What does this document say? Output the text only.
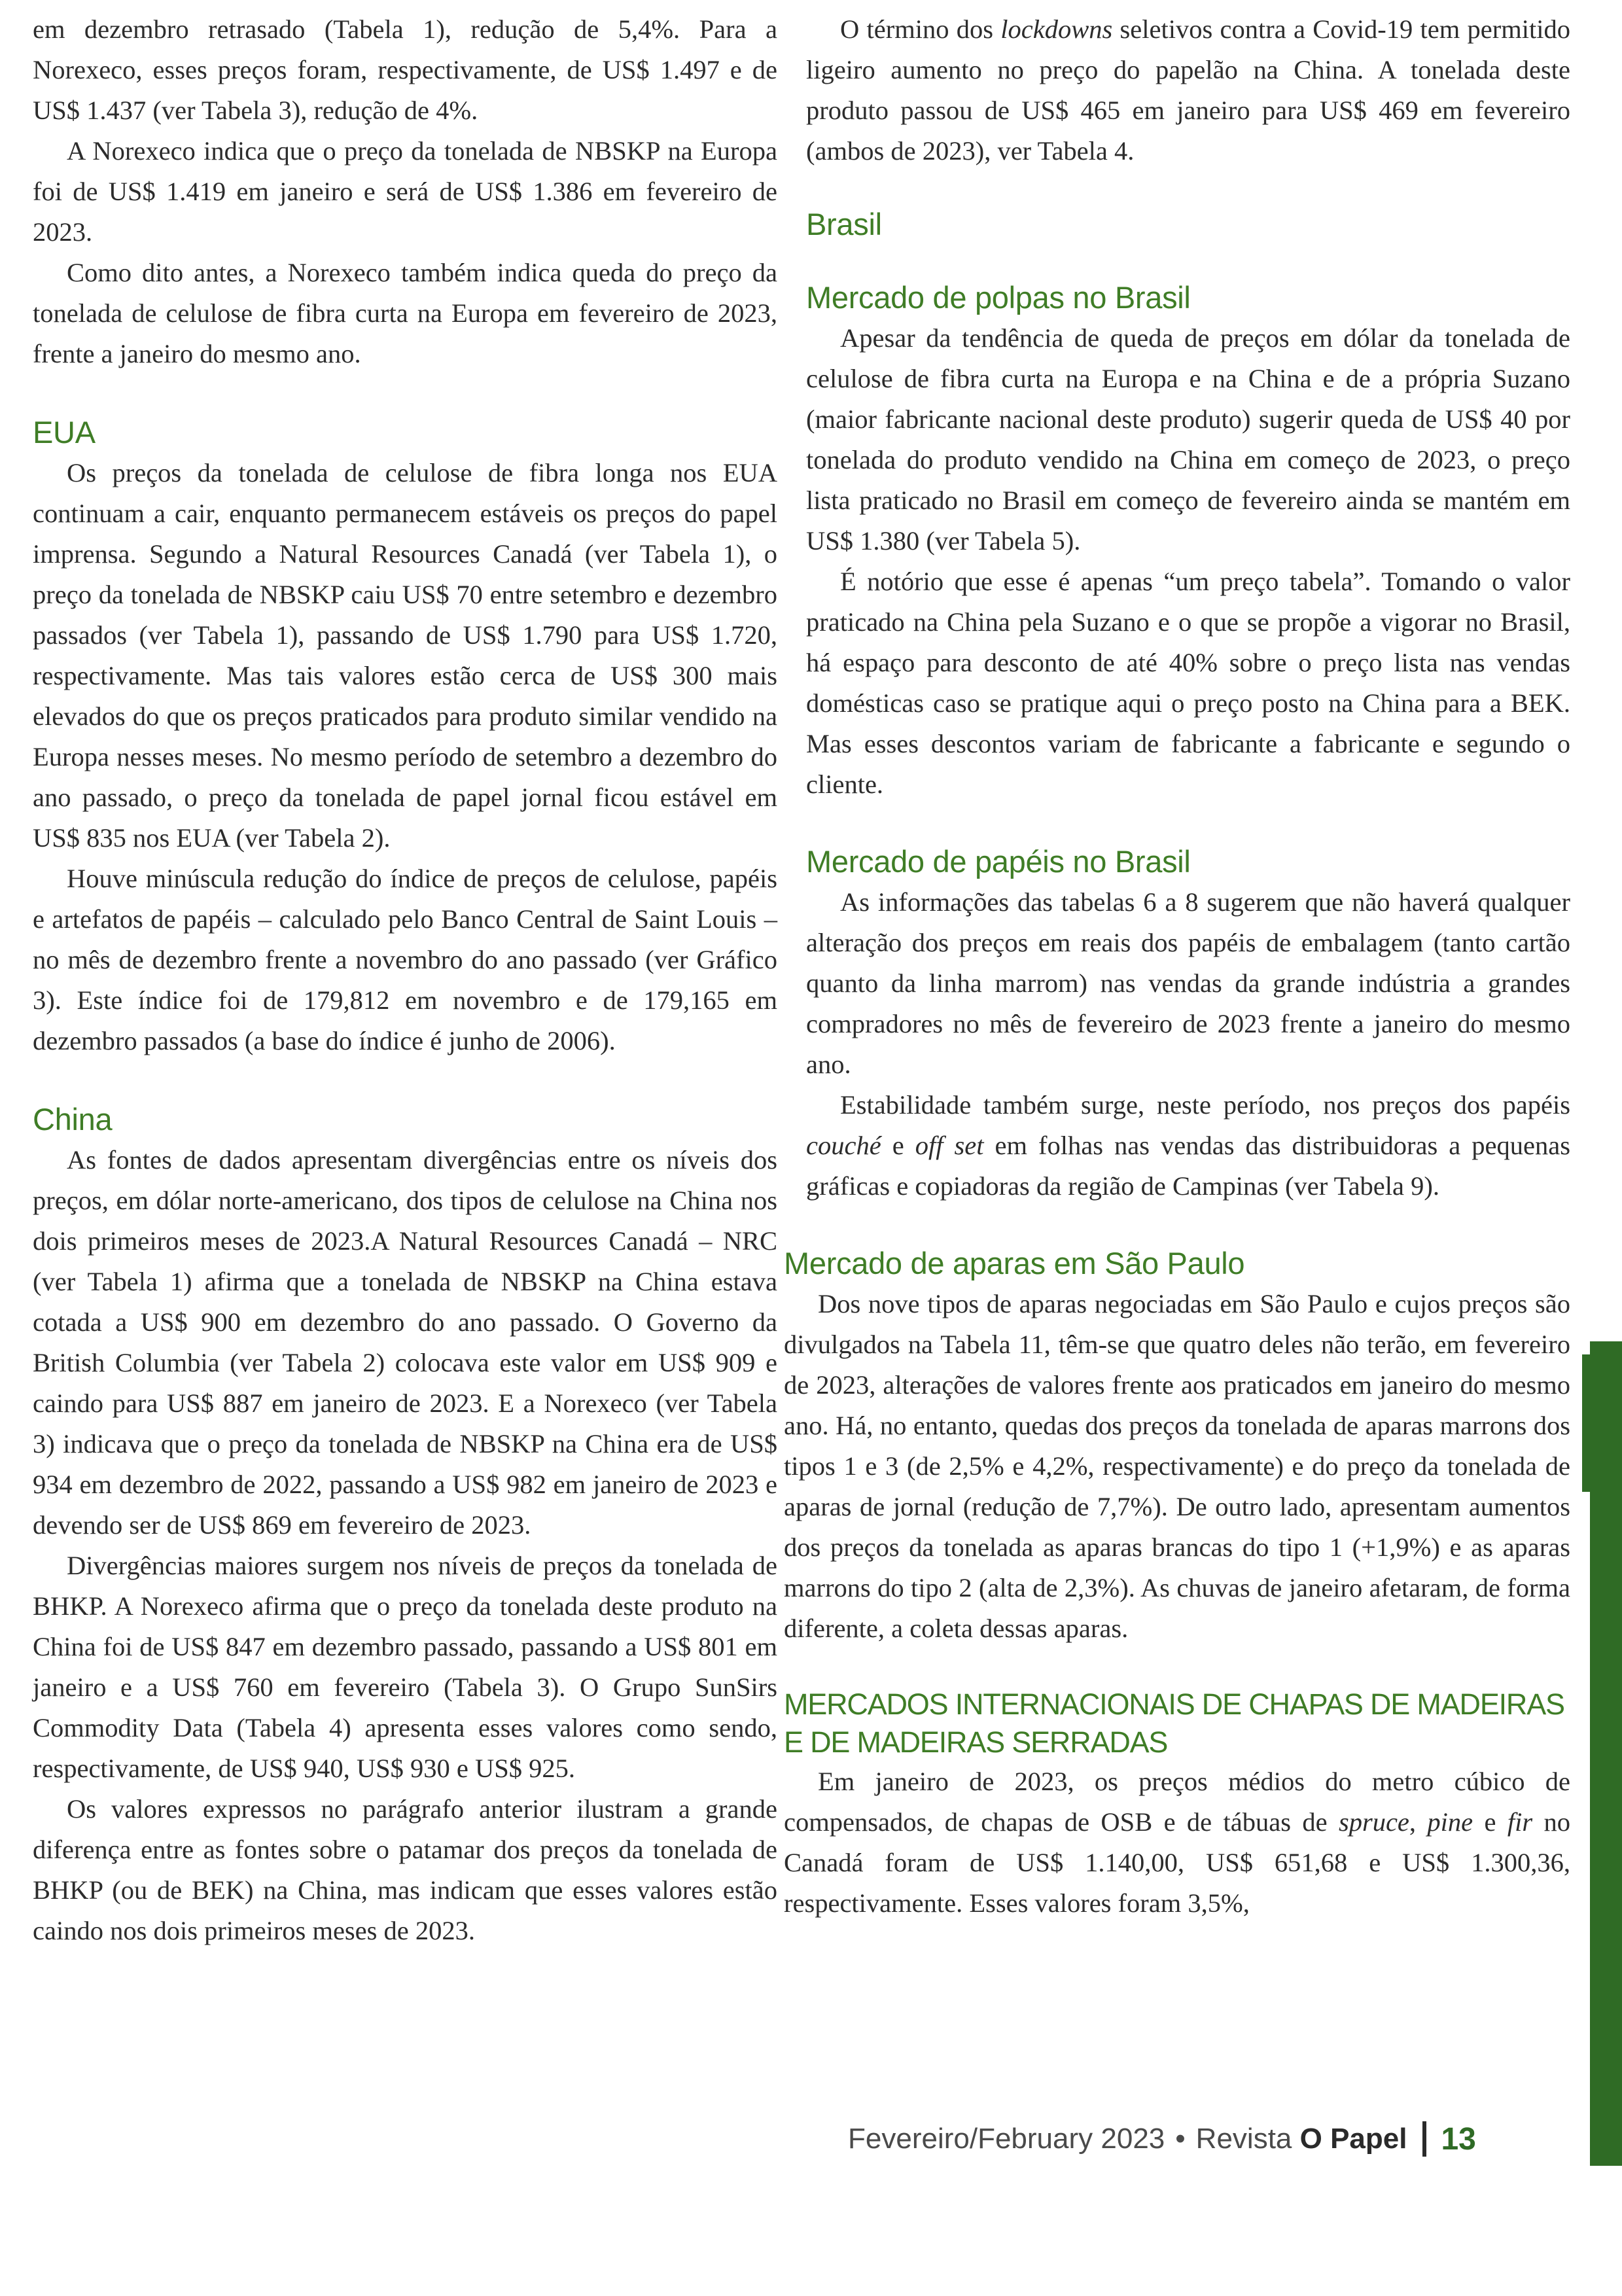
em dezembro retrasado (Tabela 1), redução de 5,4%. Para a Norexeco, esses preços foram, respectivamente, de US$ 1.497 e de US$ 1.437 (ver Tabela 3), redução de 4%.

A Norexeco indica que o preço da tonelada de NBSKP na Europa foi de US$ 1.419 em janeiro e será de US$ 1.386 em fevereiro de 2023.

Como dito antes, a Norexeco também indica queda do preço da tonelada de celulose de fibra curta na Europa em fevereiro de 2023, frente a janeiro do mesmo ano.

EUA

Os preços da tonelada de celulose de fibra longa nos EUA continuam a cair, enquanto permanecem estáveis os preços do papel imprensa. Segundo a Natural Resources Canadá (ver Tabela 1), o preço da tonelada de NBSKP caiu US$ 70 entre setembro e dezembro passados (ver Tabela 1), passando de US$ 1.790 para US$ 1.720, respectivamente. Mas tais valores estão cerca de US$ 300 mais elevados do que os preços praticados para produto similar vendido na Europa nesses meses. No mesmo período de setembro a dezembro do ano passado, o preço da tonelada de papel jornal ficou estável em US$ 835 nos EUA (ver Tabela 2).

Houve minúscula redução do índice de preços de celulose, papéis e artefatos de papéis – calculado pelo Banco Central de Saint Louis – no mês de dezembro frente a novembro do ano passado (ver Gráfico 3). Este índice foi de 179,812 em novembro e de 179,165 em dezembro passados (a base do índice é junho de 2006).

China

As fontes de dados apresentam divergências entre os níveis dos preços, em dólar norte-americano, dos tipos de celulose na China nos dois primeiros meses de 2023.A Natural Resources Canadá – NRC (ver Tabela 1) afirma que a tonelada de NBSKP na China estava cotada a US$ 900 em dezembro do ano passado. O Governo da British Columbia (ver Tabela 2) colocava este valor em US$ 909 e caindo para US$ 887 em janeiro de 2023. E a Norexeco (ver Tabela 3) indicava que o preço da tonelada de NBSKP na China era de US$ 934 em dezembro de 2022, passando a US$ 982 em janeiro de 2023 e devendo ser de US$ 869 em fevereiro de 2023.

Divergências maiores surgem nos níveis de preços da tonelada de BHKP. A Norexeco afirma que o preço da tonelada deste produto na China foi de US$ 847 em dezembro passado, passando a US$ 801 em janeiro e a US$ 760 em fevereiro (Tabela 3). O Grupo SunSirs Commodity Data (Tabela 4) apresenta esses valores como sendo, respectivamente, de US$ 940, US$ 930 e US$ 925.

Os valores expressos no parágrafo anterior ilustram a grande diferença entre as fontes sobre o patamar dos preços da tonelada de BHKP (ou de BEK) na China, mas indicam que esses valores estão caindo nos dois primeiros meses de 2023.

O término dos lockdowns seletivos contra a Covid-19 tem permitido ligeiro aumento no preço do papelão na China. A tonelada deste produto passou de US$ 465 em janeiro para US$ 469 em fevereiro (ambos de 2023), ver Tabela 4.

Brasil
Mercado de polpas no Brasil

Apesar da tendência de queda de preços em dólar da tonelada de celulose de fibra curta na Europa e na China e de a própria Suzano (maior fabricante nacional deste produto) sugerir queda de US$ 40 por tonelada do produto vendido na China em começo de 2023, o preço lista praticado no Brasil em começo de fevereiro ainda se mantém em US$ 1.380 (ver Tabela 5).

É notório que esse é apenas “um preço tabela”. Tomando o valor praticado na China pela Suzano e o que se propõe a vigorar no Brasil, há espaço para desconto de até 40% sobre o preço lista nas vendas domésticas caso se pratique aqui o preço posto na China para a BEK. Mas esses descontos variam de fabricante a fabricante e segundo o cliente.

Mercado de papéis no Brasil

As informações das tabelas 6 a 8 sugerem que não haverá qualquer alteração dos preços em reais dos papéis de embalagem (tanto cartão quanto da linha marrom) nas vendas da grande indústria a grandes compradores no mês de fevereiro de 2023 frente a janeiro do mesmo ano.

Estabilidade também surge, neste período, nos preços dos papéis couché e off set em folhas nas vendas das distribuidoras a pequenas gráficas e copiadoras da região de Campinas (ver Tabela 9).

Mercado de aparas em São Paulo

Dos nove tipos de aparas negociadas em São Paulo e cujos preços são divulgados na Tabela 11, têm-se que quatro deles não terão, em fevereiro de 2023, alterações de valores frente aos praticados em janeiro do mesmo ano. Há, no entanto, quedas dos preços da tonelada de aparas marrons dos tipos 1 e 3 (de 2,5% e 4,2%, respectivamente) e do preço da tonelada de aparas de jornal (redução de 7,7%). De outro lado, apresentam aumentos dos preços da tonelada as aparas brancas do tipo 1 (+1,9%) e as aparas marrons do tipo 2 (alta de 2,3%). As chuvas de janeiro afetaram, de forma diferente, a coleta dessas aparas.

MERCADOS INTERNACIONAIS DE CHAPAS DE MADEIRAS
E DE MADEIRAS SERRADAS

Em janeiro de 2023, os preços médios do metro cúbico de compensados, de chapas de OSB e de tábuas de spruce, pine e fir no Canadá foram de US$ 1.140,00, US$ 651,68 e US$ 1.300,36, respectivamente. Esses valores foram 3,5%,

Fevereiro/February
2023 • Revista
O Papel 13
